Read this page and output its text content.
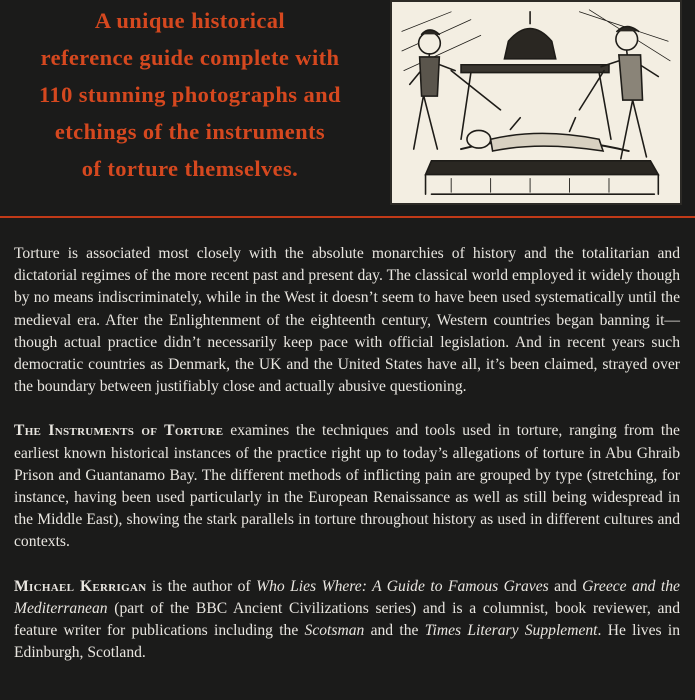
A unique historical
reference guide complete with
110 stunning photographs and
etchings of the instruments
of torture themselves.

Torture is associated most closely with the absolute monarchies of history and the totalitarian and dictatorial regimes of the more recent past and present day. The classical world employed it widely though by no means indiscriminately, while in the West it doesn’t seem to have been used systematically until the medieval era. After the Enlightenment of the eighteenth century, Western countries began banning it—though actual practice didn’t necessarily keep pace with official legislation. And in recent years such democratic countries as Denmark, the UK and the United States have all, it’s been claimed, strayed over the boundary between justifiably close and actually abusive questioning.

The Instruments of Torture examines the techniques and tools used in torture, ranging from the earliest known historical instances of the practice right up to today’s allegations of torture in Abu Ghraib Prison and Guantanamo Bay. The different methods of inflicting pain are grouped by type (stretching, for instance, having been used particularly in the European Renaissance as well as still being widespread in the Middle East), showing the stark parallels in torture throughout history as used in different cultures and contexts.

Michael Kerrigan is the author of Who Lies Where: A Guide to Famous Graves and Greece and the Mediterranean (part of the BBC Ancient Civilizations series) and is a columnist, book reviewer, and feature writer for publications including the Scotsman and the Times Literary Supplement. He lives in Edinburgh, Scotland.
